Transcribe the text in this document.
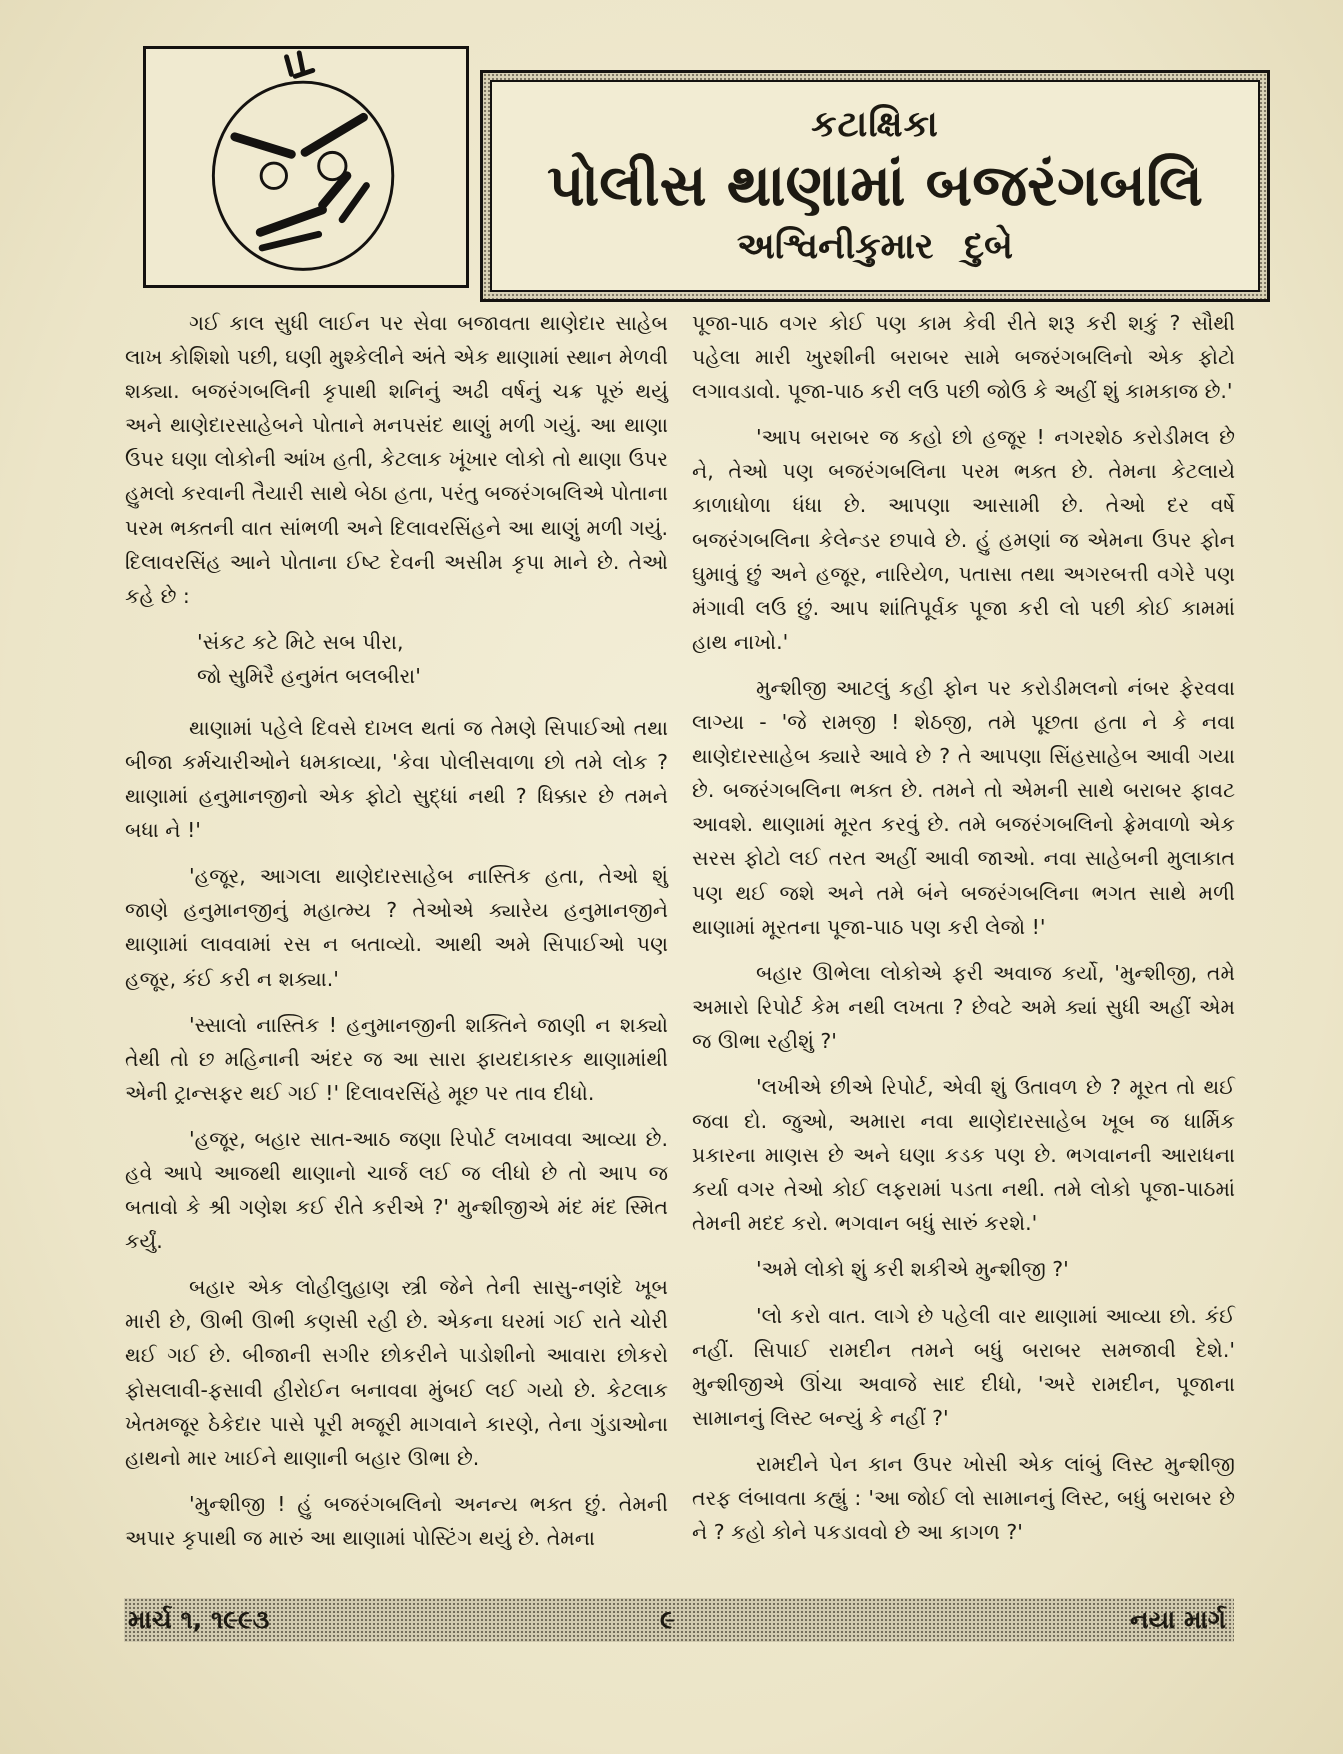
કટાક્ષિકા
પોલીસ થાણામાં બજરંગબલિ
અશ્વિનીકુમાર દુબે

ગઈ કાલ સુધી લાઈન પર સેવા બજાવતા થાણેદાર સાહેબ લાખ કોશિશો પછી, ઘણી મુશ્કેલીને અંતે એક થાણામાં સ્થાન મેળવી શક્યા. બજરંગબલિની કૃપાથી શનિનું અઢી વર્ષનું ચક્ર પૂરું થયું અને થાણેદારસાહેબને પોતાને મનપસંદ થાણું મળી ગયું. આ થાણા ઉપર ઘણા લોકોની આંખ હતી, કેટલાક ખૂંખાર લોકો તો થાણા ઉપર હુમલો કરવાની તૈયારી સાથે બેઠા હતા, પરંતુ બજરંગબલિએ પોતાના પરમ ભક્તની વાત સાંભળી અને દિલાવરસિંહને આ થાણું મળી ગયું. દિલાવરસિંહ આને પોતાના ઈષ્ટ દેવની અસીમ કૃપા માને છે. તેઓ કહે છે :

'સંકટ કટે મિટે સબ પીરા,
જો સુમિરૈ હનુમંત બલબીરા'

થાણામાં પહેલે દિવસે દાખલ થતાં જ તેમણે સિપાઈઓ તથા બીજા કર્મચારીઓને ધમકાવ્યા, 'કેવા પોલીસવાળા છો તમે લોક ? થાણામાં હનુમાનજીનો એક ફોટો સુદ્ધાં નથી ? ધિક્કાર છે તમને બધા ને !'

'હજૂર, આગલા થાણેદારસાહેબ નાસ્તિક હતા, તેઓ શું જાણે હનુમાનજીનું મહાત્મ્ય ? તેઓએ ક્યારેય હનુમાનજીને થાણામાં લાવવામાં રસ ન બતાવ્યો. આથી અમે સિપાઈઓ પણ હજૂર, કંઈ કરી ન શક્યા.'

'સ્સાલો નાસ્તિક ! હનુમાનજીની શક્તિને જાણી ન શક્યો તેથી તો છ મહિનાની અંદર જ આ સારા ફાયદાકારક થાણામાંથી એની ટ્રાન્સફર થઈ ગઈ !' દિલાવરસિંહે મૂછ પર તાવ દીધો.

'હજૂર, બહાર સાત-આઠ જણા રિપોર્ટ લખાવવા આવ્યા છે. હવે આપે આજથી થાણાનો ચાર્જ લઈ જ લીધો છે તો આપ જ બતાવો કે શ્રી ગણેશ કઈ રીતે કરીએ ?' મુન્શીજીએ મંદ મંદ સ્મિત કર્યું.

બહાર એક લોહીલુહાણ સ્ત્રી જેને તેની સાસુ-નણંદે ખૂબ મારી છે, ઊભી ઊભી કણસી રહી છે. એકના ઘરમાં ગઈ રાતે ચોરી થઈ ગઈ છે. બીજાની સગીર છોકરીને પાડોશીનો આવારા છોકરો ફોસલાવી-ફસાવી હીરોઈન બનાવવા મુંબઈ લઈ ગયો છે. કેટલાક ખેતમજૂર ઠેકેદાર પાસે પૂરી મજૂરી માગવાને કારણે, તેના ગુંડાઓના હાથનો માર ખાઈને થાણાની બહાર ઊભા છે.

'મુન્શીજી ! હું બજરંગબલિનો અનન્ય ભક્ત છું. તેમની અપાર કૃપાથી જ મારું આ થાણામાં પોસ્ટિંગ થયું છે. તેમના

પૂજા-પાઠ વગર કોઈ પણ કામ કેવી રીતે શરૂ કરી શકું ? સૌથી પહેલા મારી ખુરશીની બરાબર સામે બજરંગબલિનો એક ફોટો લગાવડાવો. પૂજા-પાઠ કરી લઉ પછી જોઉ કે અહીં શું કામકાજ છે.'

'આપ બરાબર જ કહો છો હજૂર ! નગરશેઠ કરોડીમલ છે ને, તેઓ પણ બજરંગબલિના પરમ ભક્ત છે. તેમના કેટલાયે કાળાધોળા ધંધા છે. આપણા આસામી છે. તેઓ દર વર્ષે બજરંગબલિના કેલેન્ડર છપાવે છે. હું હમણાં જ એમના ઉપર ફોન ઘુમાવું છું અને હજૂર, નારિયેળ, પતાસા તથા અગરબત્તી વગેરે પણ મંગાવી લઉ છું. આપ શાંતિપૂર્વક પૂજા કરી લો પછી કોઈ કામમાં હાથ નાખો.'

મુન્શીજી આટલું કહી ફોન પર કરોડીમલનો નંબર ફેરવવા લાગ્યા - 'જે રામજી ! શેઠજી, તમે પૂછતા હતા ને કે નવા થાણેદારસાહેબ ક્યારે આવે છે ? તે આપણા સિંહસાહેબ આવી ગયા છે. બજરંગબલિના ભક્ત છે. તમને તો એમની સાથે બરાબર ફાવટ આવશે. થાણામાં મૂરત કરવું છે. તમે બજરંગબલિનો ફ્રેમવાળો એક સરસ ફોટો લઈ તરત અહીં આવી જાઓ. નવા સાહેબની મુલાકાત પણ થઈ જશે અને તમે બંને બજરંગબલિના ભગત સાથે મળી થાણામાં મૂરતના પૂજા-પાઠ પણ કરી લેજો !'

બહાર ઊભેલા લોકોએ ફરી અવાજ કર્યો, 'મુન્શીજી, તમે અમારો રિપોર્ટ કેમ નથી લખતા ? છેવટે અમે ક્યાં સુધી અહીં એમ જ ઊભા રહીશું ?'

'લખીએ છીએ રિપોર્ટ, એવી શું ઉતાવળ છે ? મૂરત તો થઈ જવા દો. જુઓ, અમારા નવા થાણેદારસાહેબ ખૂબ જ ધાર્મિક પ્રકારના માણસ છે અને ઘણા કડક પણ છે. ભગવાનની આરાધના કર્યા વગર તેઓ કોઈ લફરામાં પડતા નથી. તમે લોકો પૂજા-પાઠમાં તેમની મદદ કરો. ભગવાન બધું સારું કરશે.'

'અમે લોકો શું કરી શકીએ મુન્શીજી ?'

'લો કરો વાત. લાગે છે પહેલી વાર થાણામાં આવ્યા છો. કંઈ નહીં. સિપાઈ રામદીન તમને બધું બરાબર સમજાવી દેશે.' મુન્શીજીએ ઊંચા અવાજે સાદ દીધો, 'અરે રામદીન, પૂજાના સામાનનું લિસ્ટ બન્યું કે નહીં ?'

રામદીને પેન કાન ઉપર ખોસી એક લાંબું લિસ્ટ મુન્શીજી તરફ લંબાવતા કહ્યું : 'આ જોઈ લો સામાનનું લિસ્ટ, બધું બરાબર છે ને ? કહો કોને પકડાવવો છે આ કાગળ ?'

માર્ચ ૧, ૧૯૯૩	૯	નયા માર્ગ
